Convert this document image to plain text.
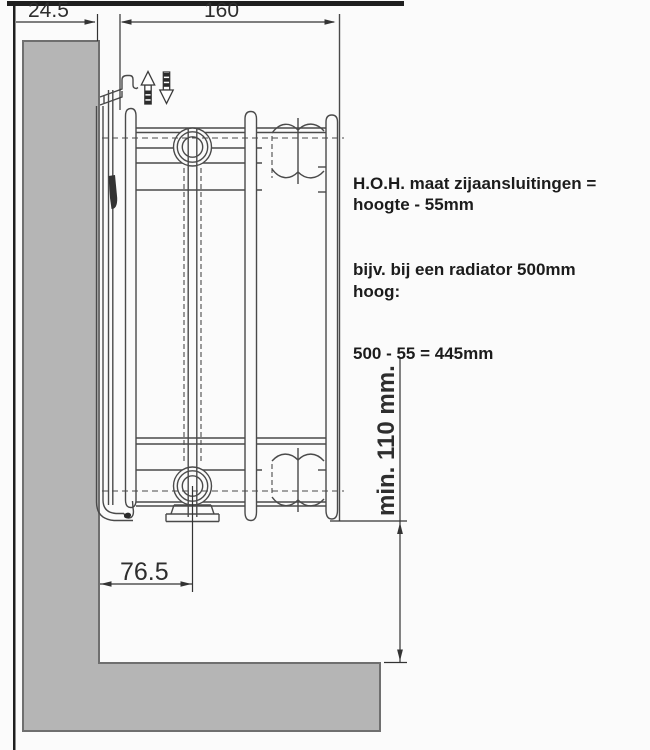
24.5	160
76.5
min. 110 mm.

H.O.H. maat zijaansluitingen =
hoogte - 55mm

bijv. bij een radiator 500mm
hoog:

500 - 55 = 445mm
